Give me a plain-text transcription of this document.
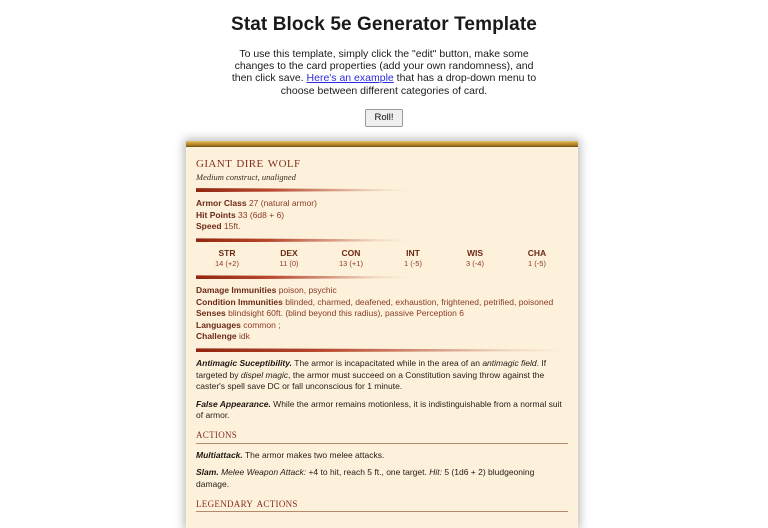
Stat Block 5e Generator Template

To use this template, simply click the "edit" button, make some changes to the card properties (add your own randomness), and then click save. Here's an example that has a drop-down menu to choose between different categories of card.

Roll!
giant dire wolf
Medium construct, unaligned
Armor Class 27 (natural armor)
Hit Points 33 (6d8 + 6)
Speed 15ft.
STR
14 (+2)
DEX
11 (0)
CON
13 (+1)
INT
1 (-5)
WIS
3 (-4)
CHA
1 (-5)
Damage Immunities poison, psychic
Condition Immunities blinded, charmed, deafened, exhaustion, frightened, petrified, poisoned
Senses blindsight 60ft. (blind beyond this radius), passive Perception 6
Languages common ;
Challenge idk
Antimagic Suceptibility. The armor is incapacitated while in the area of an antimagic field. If targeted by dispel magic, the armor must succeed on a Constitution saving throw against the caster's spell save DC or fall unconscious for 1 minute.
False Appearance. While the armor remains motionless, it is indistinguishable from a normal suit of armor.
actions
Multiattack. The armor makes two melee attacks.
Slam. Melee Weapon Attack: +4 to hit, reach 5 ft., one target. Hit: 5 (1d6 + 2) bludgeoning damage.
legendary actions
